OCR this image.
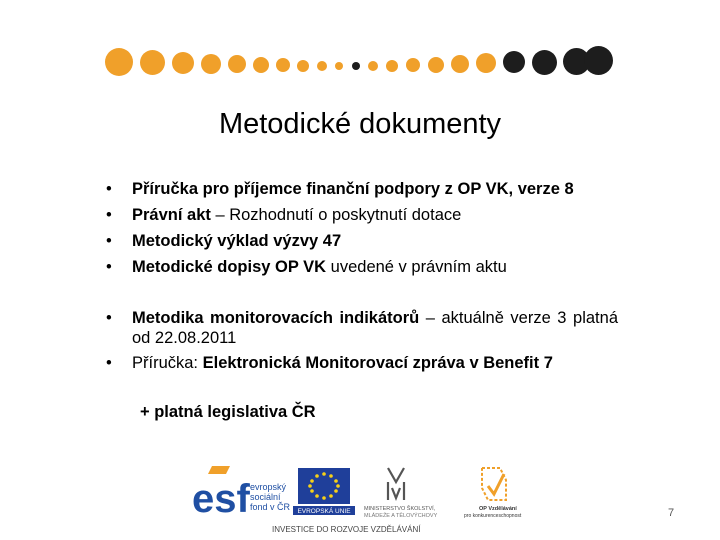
Metodické dokumenty
• Příručka pro příjemce finanční podpory z OP VK, verze 8
• Právní akt – Rozhodnutí o poskytnutí dotace
• Metodický výklad výzvy 47
• Metodické dopisy OP VK uvedené v právním aktu
• Metodika monitorovacích indikátorů – aktuálně verze 3 platná od 22.08.2011
• Příručka: Elektronická Monitorovací zpráva v Benefit 7
+ platná legislativa ČR
esf evropský
sociální
fond v ČR EVROPSKÁ UNIE MINISTERSTVO ŠKOLSTVÍ,
MLÁDEŽE A TĚLOVÝCHOVY
OP Vzdělávání
pro konkurenceschopnost
INVESTICE DO ROZVOJE VZDĚLÁVÁNÍ
7
